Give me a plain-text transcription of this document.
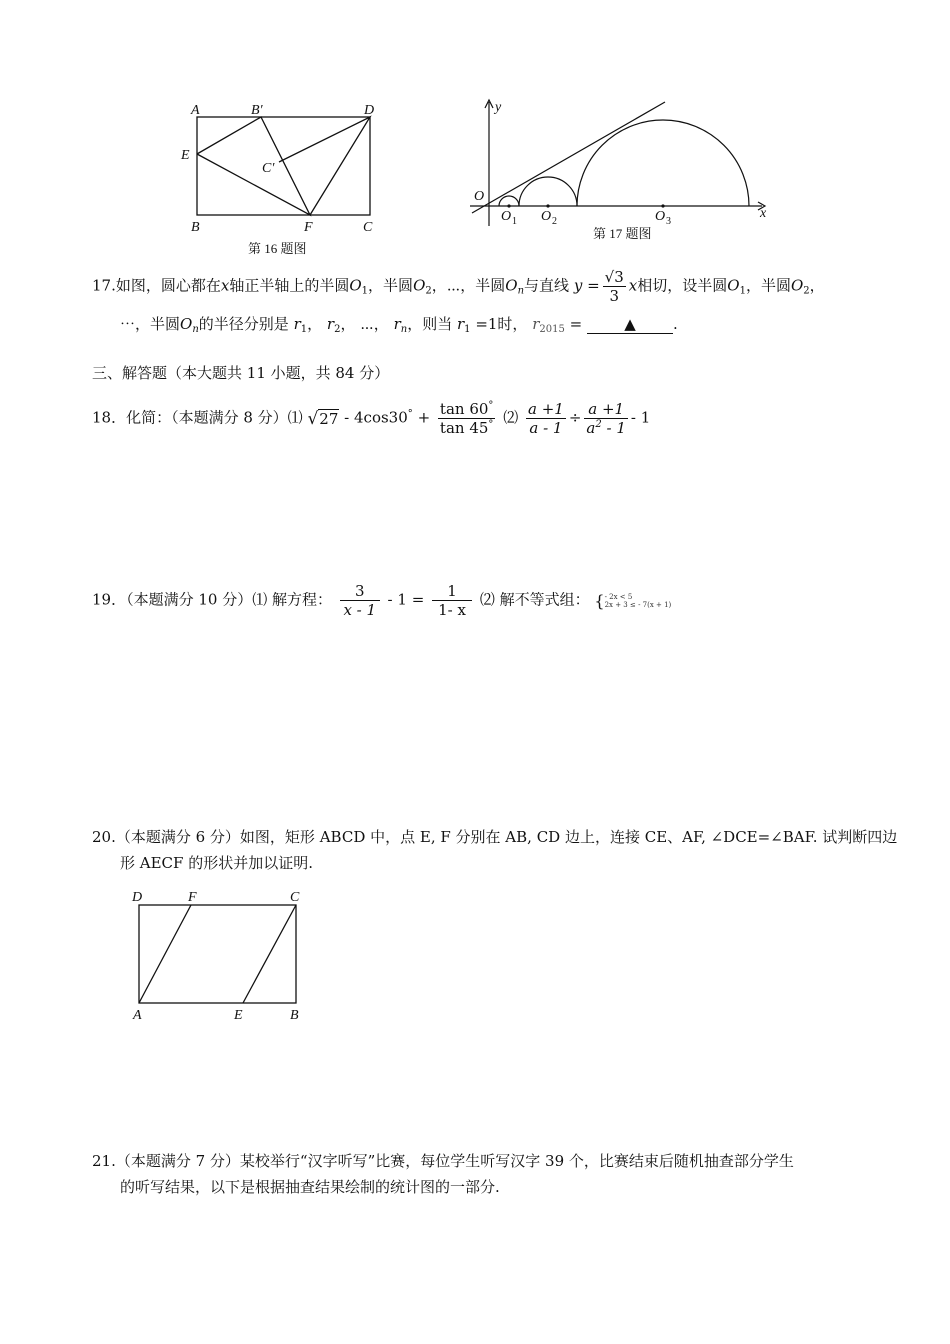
A	B′	D
E
C′
B	F	C
第 16 题图
y
O
x
O O	O
1	2	3
第 17 题图
17.如图，圆心都在x轴正半轴上的半圆$O_1$，半圆$O_2$，⋯，半圆$O_n$与直线 $y = \frac{√3}{3}$ x相切，设半圆$O_1$，半圆$O_2$，
⋯，半圆$O_n$的半径分别是 $r_1$， $r_2$， ⋯， $r_n$，则当 $r_1 =1$时， $r_{2015}$ =	▲ .
三、解答题（本大题共 11 小题，共 84 分）
18．化简：（本题满分 8 分）⑴ $√27 - 4\cos 30^\circ + \frac{\tan 60^\circ}{\tan 45^\circ}$ ⑵ $\frac{a +1}{a - 1} \div \frac{a +1}{a^2 - 1} - 1$
19．（本题满分 10 分）⑴ 解方程： $\frac{3}{x - 1} - 1 = \frac{1}{1- x}$ ⑵ 解不等式组： {- 2x < 5
2x + 3 ≤ - 7(x + 1)
20.（本题满分 6 分）如图，矩形 ABCD 中，点 E, F 分别在 AB, CD 边上，连接 CE、AF, ∠DCE=∠BAF. 试判断四边
形 AECF 的形状并加以证明.
D	F	C
A	E	B
21.（本题满分 7 分）某校举行“汉字听写”比赛，每位学生听写汉字 39 个，比赛结束后随机抽查部分学生
的听写结果，以下是根据抽查结果绘制的统计图的一部分.
